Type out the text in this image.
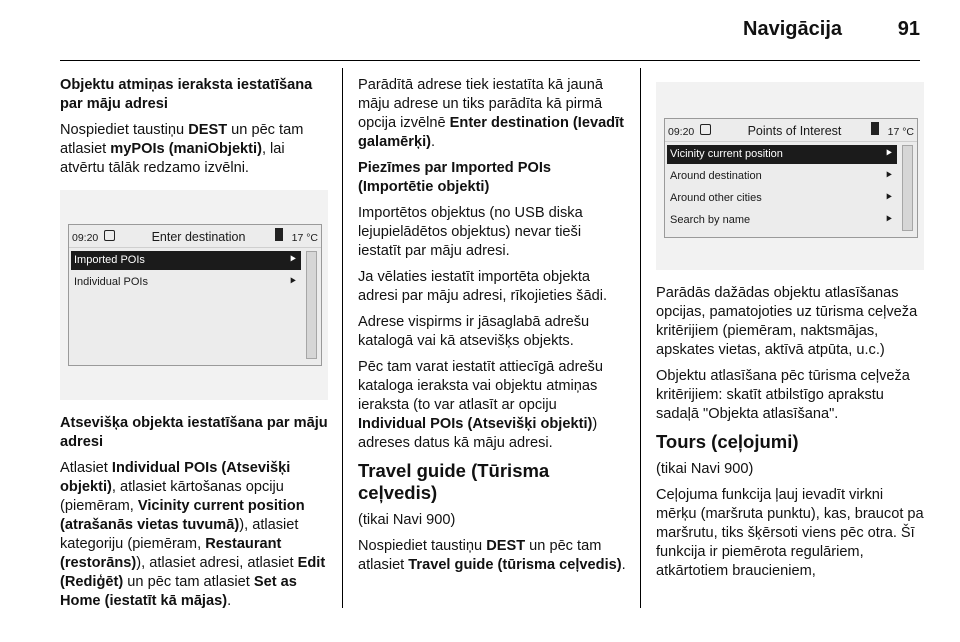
Navigācija	91

Objektu atmiņas ieraksta iestatīšana par māju adresi

Nospiediet taustiņu DEST un pēc tam atlasiet myPOIs (maniObjekti), lai atvērtu tālāk redzamo izvēlni.

09:20	Enter destination	17 °C
Imported POIs	⯈
Individual POIs	⯈

Atsevišķa objekta iestatīšana par māju adresi

Atlasiet Individual POIs (Atsevišķi objekti), atlasiet kārtošanas opciju (piemēram, Vicinity current position (atrašanās vietas tuvumā)), atlasiet kategoriju (piemēram, Restaurant (restorāns)), atlasiet adresi, atlasiet Edit (Rediģēt) un pēc tam atlasiet Set as Home (iestatīt kā mājas).

Parādītā adrese tiek iestatīta kā jaunā māju adrese un tiks parādīta kā pirmā opcija izvēlnē Enter destination (Ievadīt galamērķi).

Piezīmes par Imported POIs (Importētie objekti)

Importētos objektus (no USB diska lejupielādētos objektus) nevar tieši iestatīt par māju adresi.

Ja vēlaties iestatīt importēta objekta adresi par māju adresi, rīkojieties šādi.

Adrese vispirms ir jāsaglabā adrešu katalogā vai kā atsevišķs objekts.

Pēc tam varat iestatīt attiecīgā adrešu kataloga ieraksta vai objektu atmiņas ieraksta (to var atlasīt ar opciju Individual POIs (Atsevišķi objekti)) adreses datus kā māju adresi.

Travel guide (Tūrisma ceļvedis)

(tikai Navi 900)

Nospiediet taustiņu DEST un pēc tam atlasiet Travel guide (tūrisma ceļvedis).

09:20	Points of Interest	17 °C
Vicinity current position	⯈
Around destination	⯈
Around other cities	⯈
Search by name	⯈

Parādās dažādas objektu atlasīšanas opcijas, pamatojoties uz tūrisma ceļveža kritērijiem (piemēram, naktsmājas, apskates vietas, aktīvā atpūta, u.c.)

Objektu atlasīšana pēc tūrisma ceļveža kritērijiem: skatīt atbilstīgo aprakstu sadaļā "Objekta atlasīšana".

Tours (ceļojumi)

(tikai Navi 900)

Ceļojuma funkcija ļauj ievadīt virkni mērķu (maršruta punktu), kas, braucot pa maršrutu, tiks šķērsoti viens pēc otra. Šī funkcija ir piemērota regulāriem, atkārtotiem braucieniem,
